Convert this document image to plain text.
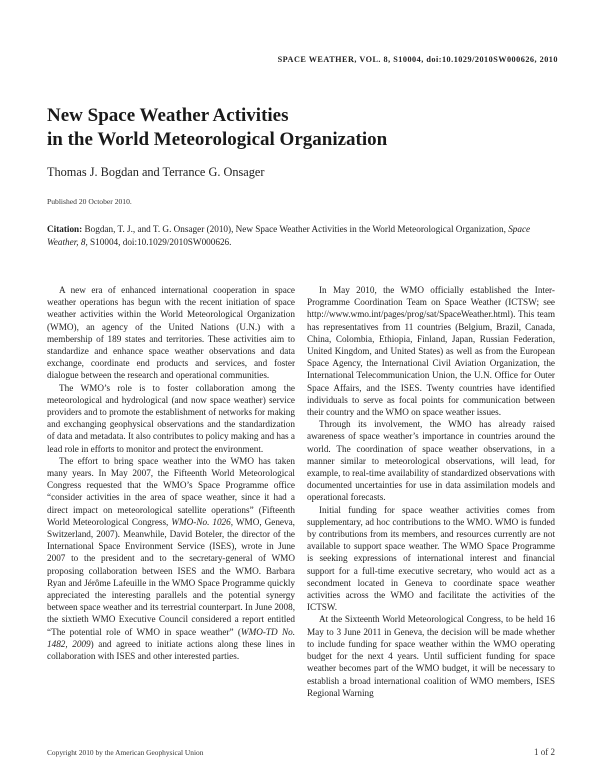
SPACE WEATHER, VOL. 8, S10004, doi:10.1029/2010SW000626, 2010
New Space Weather Activities
in the World Meteorological Organization
Thomas J. Bogdan and Terrance G. Onsager
Published 20 October 2010.
Citation: Bogdan, T. J., and T. G. Onsager (2010), New Space Weather Activities in the World Meteorological Organization, Space Weather, 8, S10004, doi:10.1029/2010SW000626.

A new era of enhanced international cooperation in space weather operations has begun with the recent initiation of space weather activities within the World Meteorological Organization (WMO), an agency of the United Nations (U.N.) with a membership of 189 states and territories. These activities aim to standardize and enhance space weather observations and data exchange, coordinate end products and services, and foster dialogue between the research and operational communities.

The WMO’s role is to foster collaboration among the meteorological and hydrological (and now space weather) service providers and to promote the establishment of networks for making and exchanging geophysical observations and the standardization of data and metadata. It also contributes to policy making and has a lead role in efforts to monitor and protect the environment.

The effort to bring space weather into the WMO has taken many years. In May 2007, the Fifteenth World Meteorological Congress requested that the WMO’s Space Programme office “consider activities in the area of space weather, since it had a direct impact on meteorological satellite operations” (Fifteenth World Meteorological Congress, WMO-No. 1026, WMO, Geneva, Switzerland, 2007). Meanwhile, David Boteler, the director of the International Space Environment Service (ISES), wrote in June 2007 to the president and to the secretary-general of WMO proposing collaboration between ISES and the WMO. Barbara Ryan and Jérôme Lafeuille in the WMO Space Programme quickly appreciated the interesting parallels and the potential synergy between space weather and its terrestrial counterpart. In June 2008, the sixtieth WMO Executive Council considered a report entitled “The potential role of WMO in space weather” (WMO-TD No. 1482, 2009) and agreed to initiate actions along these lines in collaboration with ISES and other interested parties.

In May 2010, the WMO officially established the Inter-Programme Coordination Team on Space Weather (ICTSW; see http://www.wmo.int/pages/prog/sat/SpaceWeather.html). This team has representatives from 11 countries (Belgium, Brazil, Canada, China, Colombia, Ethiopia, Finland, Japan, Russian Federation, United Kingdom, and United States) as well as from the European Space Agency, the International Civil Aviation Organization, the International Telecommunication Union, the U.N. Office for Outer Space Affairs, and the ISES. Twenty countries have identified individuals to serve as focal points for communication between their country and the WMO on space weather issues.

Through its involvement, the WMO has already raised awareness of space weather’s importance in countries around the world. The coordination of space weather observations, in a manner similar to meteorological observations, will lead, for example, to real-time availability of standardized observations with documented uncertainties for use in data assimilation models and operational forecasts.

Initial funding for space weather activities comes from supplementary, ad hoc contributions to the WMO. WMO is funded by contributions from its members, and resources currently are not available to support space weather. The WMO Space Programme is seeking expressions of international interest and financial support for a full-time executive secretary, who would act as a secondment located in Geneva to coordinate space weather activities across the WMO and facilitate the activities of the ICTSW.

At the Sixteenth World Meteorological Congress, to be held 16 May to 3 June 2011 in Geneva, the decision will be made whether to include funding for space weather within the WMO operating budget for the next 4 years. Until sufficient funding for space weather becomes part of the WMO budget, it will be necessary to establish a broad international coalition of WMO members, ISES Regional Warning

Copyright 2010 by the American Geophysical Union	1 of 2
